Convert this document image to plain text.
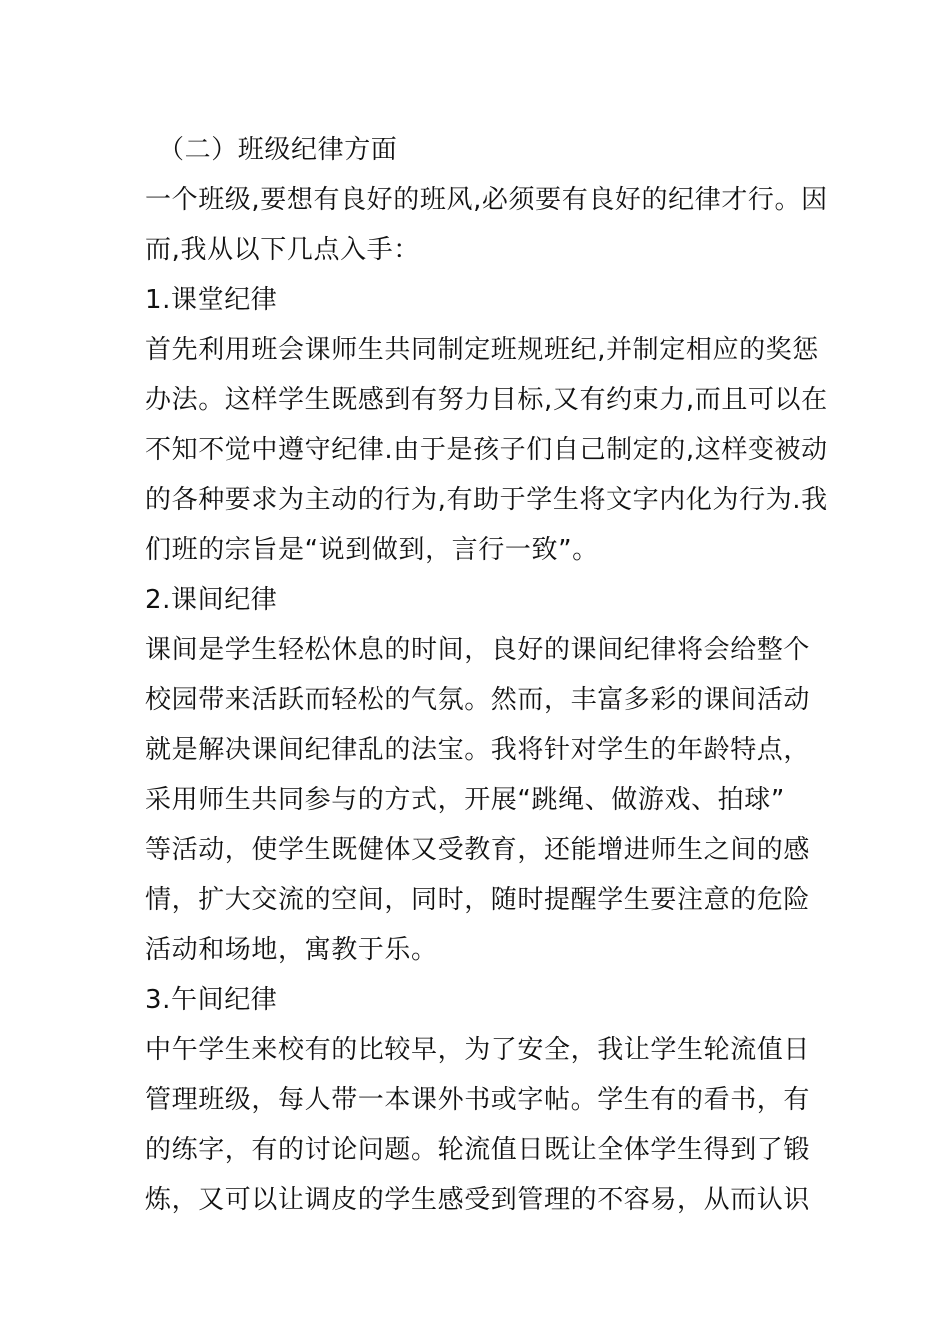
（二）班级纪律方面
一个班级,要想有良好的班风,必须要有良好的纪律才行。因
而,我从以下几点入手：
1.课堂纪律
首先利用班会课师生共同制定班规班纪,并制定相应的奖惩
办法。这样学生既感到有努力目标,又有约束力,而且可以在
不知不觉中遵守纪律.由于是孩子们自己制定的,这样变被动
的各种要求为主动的行为,有助于学生将文字内化为行为.我
们班的宗旨是“说到做到，言行一致”。
2.课间纪律
课间是学生轻松休息的时间，良好的课间纪律将会给整个
校园带来活跃而轻松的气氛。然而，丰富多彩的课间活动
就是解决课间纪律乱的法宝。我将针对学生的年龄特点，
采用师生共同参与的方式，开展“跳绳、做游戏、拍球”
等活动，使学生既健体又受教育，还能增进师生之间的感
情，扩大交流的空间，同时，随时提醒学生要注意的危险
活动和场地，寓教于乐。
3.午间纪律
中午学生来校有的比较早，为了安全，我让学生轮流值日
管理班级，每人带一本课外书或字帖。学生有的看书，有
的练字，有的讨论问题。轮流值日既让全体学生得到了锻
炼，又可以让调皮的学生感受到管理的不容易，从而认识
